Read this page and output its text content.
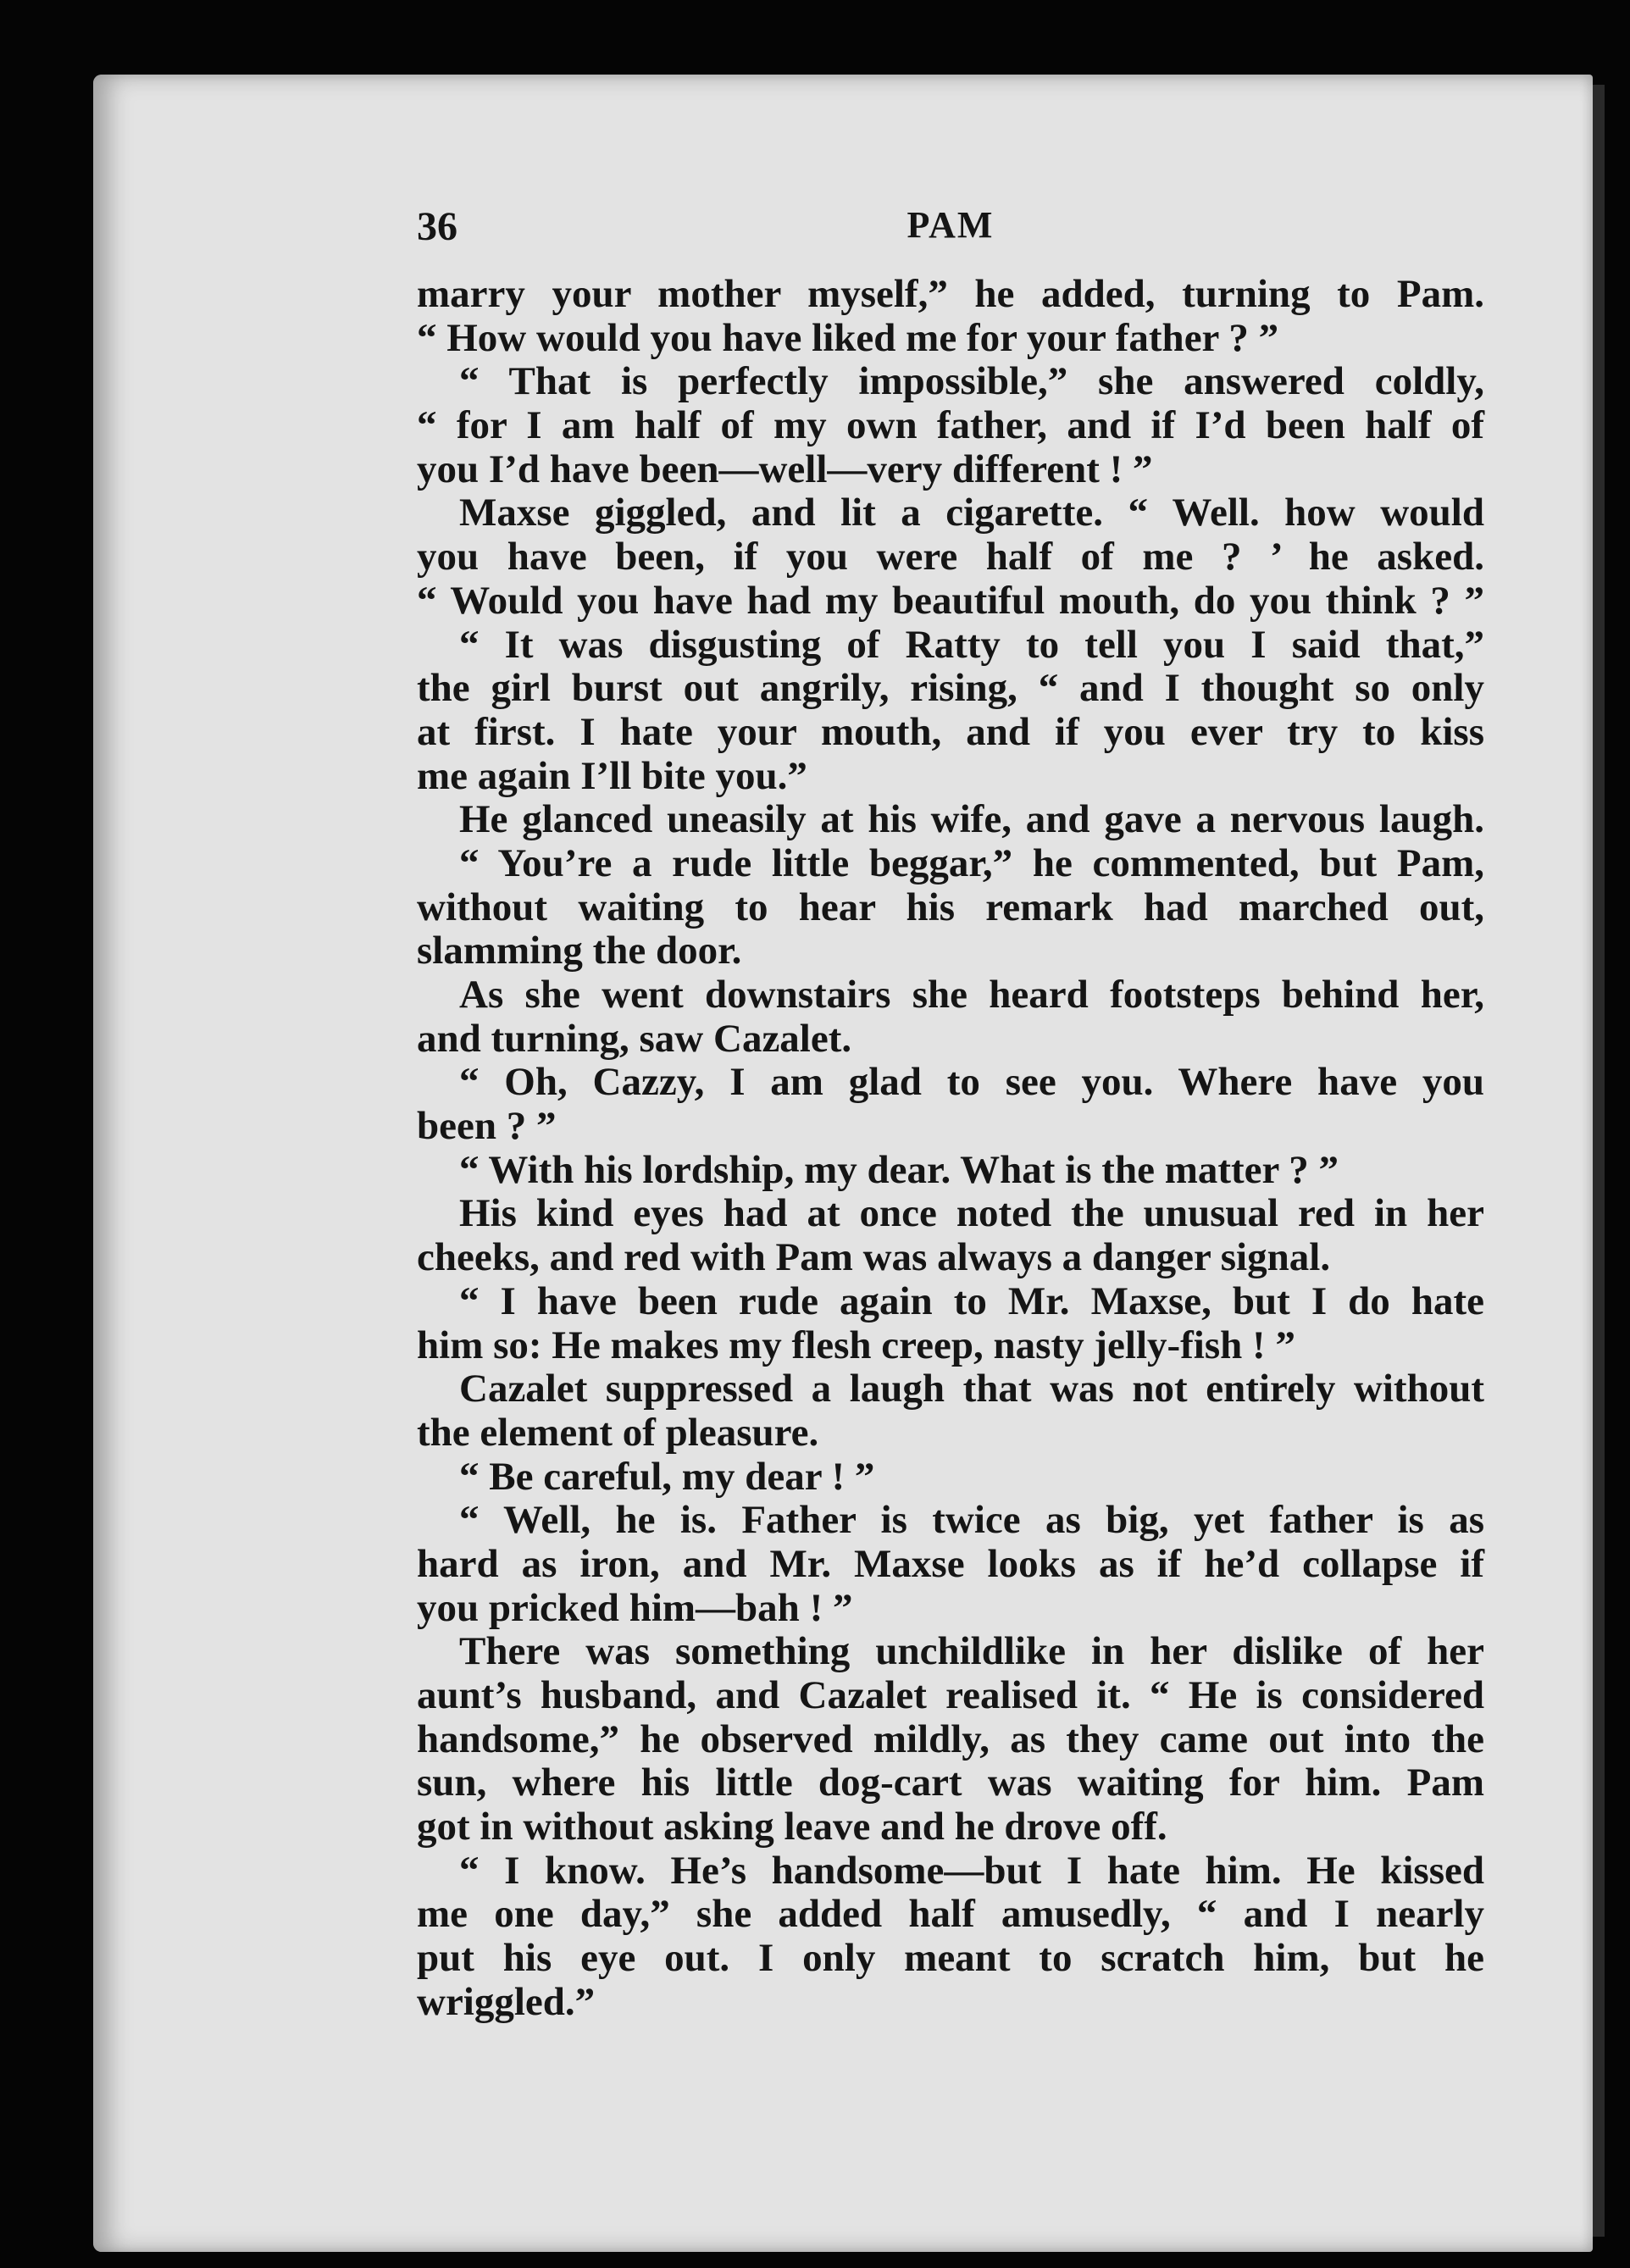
36	PAM
marry your mother myself,” he added, turning to Pam.
“ How would you have liked me for your father ? ”
“ That is perfectly impossible,” she answered coldly,
“ for I am half of my own father, and if I’d been half of
you I’d have been—well—very different ! ”
Maxse giggled, and lit a cigarette. “ Well. how would
you have been, if you were half of me ? ’ he asked.
“ Would you have had my beautiful mouth, do you think ? ”
“ It was disgusting of Ratty to tell you I said that,”
the girl burst out angrily, rising, “ and I thought so only
at first. I hate your mouth, and if you ever try to kiss
me again I’ll bite you.”
He glanced uneasily at his wife, and gave a nervous laugh.
“ You’re a rude little beggar,” he commented, but Pam,
without waiting to hear his remark had marched out,
slamming the door.
As she went downstairs she heard footsteps behind her,
and turning, saw Cazalet.
“ Oh, Cazzy, I am glad to see you. Where have you
been ? ”
“ With his lordship, my dear. What is the matter ? ”
His kind eyes had at once noted the unusual red in her
cheeks, and red with Pam was always a danger signal.
“ I have been rude again to Mr. Maxse, but I do hate
him so: He makes my flesh creep, nasty jelly-fish ! ”
Cazalet suppressed a laugh that was not entirely without
the element of pleasure.
“ Be careful, my dear ! ”
“ Well, he is. Father is twice as big, yet father is as
hard as iron, and Mr. Maxse looks as if he’d collapse if
you pricked him—bah ! ”
There was something unchildlike in her dislike of her
aunt’s husband, and Cazalet realised it. “ He is considered
handsome,” he observed mildly, as they came out into the
sun, where his little dog-cart was waiting for him. Pam
got in without asking leave and he drove off.
“ I know. He’s handsome—but I hate him. He kissed
me one day,” she added half amusedly, “ and I nearly
put his eye out. I only meant to scratch him, but he
wriggled.”
